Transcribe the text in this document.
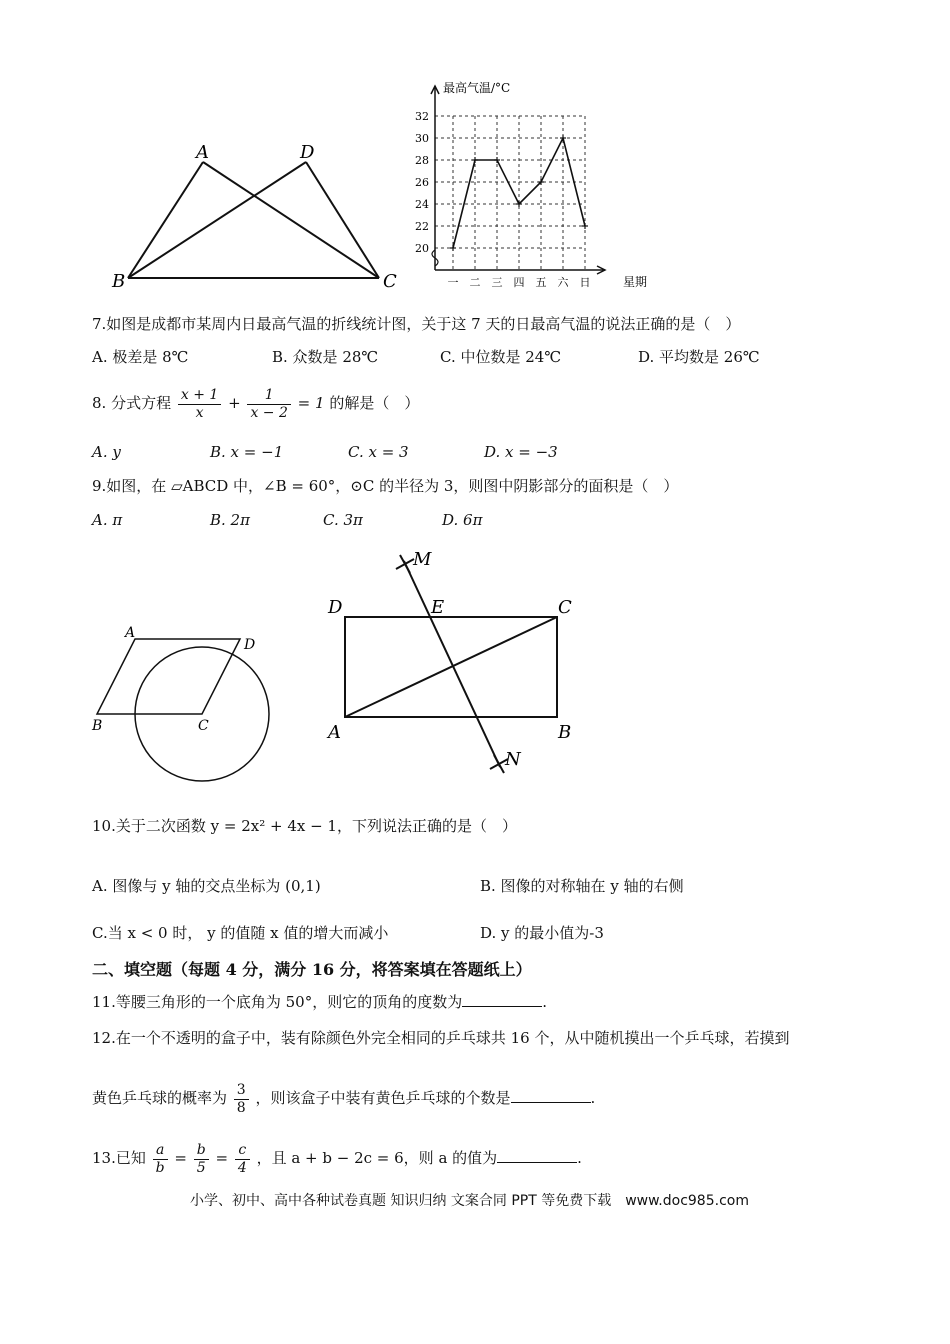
A	D
B	C
最高气温/°C
星期
20
22
24
26
28
30
32
一 二 三 四 五 六 日
7.如图是成都市某周内日最高气温的折线统计图，关于这 7 天的日最高气温的说法正确的是（　）
A. 极差是 8℃	B. 众数是 28℃	C. 中位数是 24℃	D. 平均数是 26℃
8. 分式方程 $\frac{x + 1}{x} + \frac{1}{x - 2} = 1$ 的解是（　）
A. y	B. x = −1	C. x = 3	D. x = −3
9.如图，在 ▱ABCD 中，∠B = 60°，⊙C 的半径为 3，则图中阴影部分的面积是（　）
A. π	B. 2π	C. 3π	D. 6π
A
D
B	C
M
D	E	C
A	B
N
10.关于二次函数 y = 2x² + 4x − 1，下列说法正确的是（　）
A. 图像与 y 轴的交点坐标为 (0,1)	B. 图像的对称轴在 y 轴的右侧
C.当 x < 0 时， y 的值随 x 值的增大而减小	D. y 的最小值为-3
二、填空题（每题 4 分，满分 16 分，将答案填在答题纸上）
11.等腰三角形的一个底角为 50°，则它的顶角的度数为	.
12.在一个不透明的盒子中，装有除颜色外完全相同的乒乓球共 16 个，从中随机摸出一个乒乓球，若摸到
黄色乒乓球的概率为 $\frac{3}{8}$ ，则该盒子中装有黄色乒乓球的个数是	.
13.已知 $\frac{a}{b} = \frac{b}{5} = \frac{c}{4}$ ，且 a + b − 2c = 6，则 a 的值为	.
小学、初中、高中各种试卷真题 知识归纳 文案合同 PPT 等免费下载　www.doc985.com
